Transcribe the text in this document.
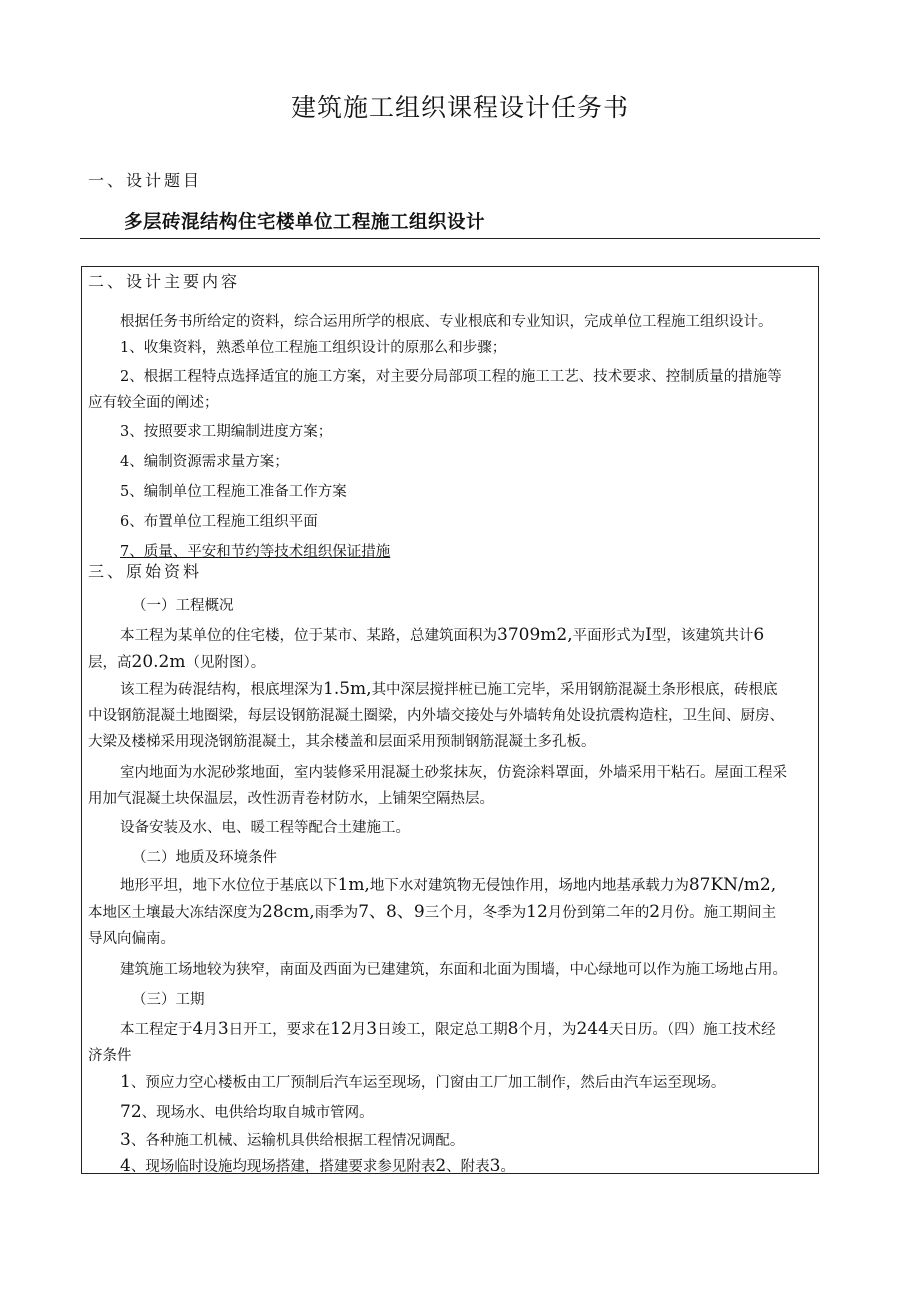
建筑施工组织课程设计任务书
一、设计题目
多层砖混结构住宅楼单位工程施工组织设计
二、设计主要内容
根据任务书所给定的资料，综合运用所学的根底、专业根底和专业知识，完成单位工程施工组织设计。
1、收集资料，熟悉单位工程施工组织设计的原那么和步骤；
2、根据工程特点选择适宜的施工方案，对主要分局部项工程的施工工艺、技术要求、控制质量的措施等应有较全面的阐述；
3、按照要求工期编制进度方案；
4、编制资源需求量方案；
5、编制单位工程施工准备工作方案
6、布置单位工程施工组织平面
7、质量、平安和节约等技术组织保证措施
三、原始资料
（一）工程概况
本工程为某单位的住宅楼，位于某市、某路，总建筑面积为3709m2,平面形式为I型，该建筑共计6层，高20.2m（见附图）。
该工程为砖混结构，根底埋深为1.5m,其中深层搅拌桩已施工完毕，采用钢筋混凝土条形根底，砖根底中设钢筋混凝土地圈梁，每层设钢筋混凝土圈梁，内外墙交接处与外墙转角处设抗震构造柱，卫生间、厨房、大梁及楼梯采用现浇钢筋混凝土，其余楼盖和层面采用预制钢筋混凝土多孔板。
室内地面为水泥砂浆地面，室内装修采用混凝土砂浆抹灰，仿瓷涂料罩面，外墙采用干粘石。屋面工程采用加气混凝土块保温层，改性沥青卷材防水，上铺架空隔热层。
设备安装及水、电、暖工程等配合土建施工。
（二）地质及环境条件
地形平坦，地下水位位于基底以下1m,地下水对建筑物无侵蚀作用，场地内地基承载力为87KN/m2,本地区土壤最大冻结深度为28cm,雨季为7、8、9三个月，冬季为12月份到第二年的2月份。施工期间主导风向偏南。
建筑施工场地较为狭窄，南面及西面为已建建筑，东面和北面为围墙，中心绿地可以作为施工场地占用。
（三）工期
本工程定于4月3日开工，要求在12月3日竣工，限定总工期8个月，为244天日历。（四）施工技术经济条件
1、预应力空心楼板由工厂预制后汽车运至现场，门窗由工厂加工制作，然后由汽车运至现场。
72、现场水、电供给均取自城市管网。
3、各种施工机械、运输机具供给根据工程情况调配。
4、现场临时设施均现场搭建，搭建要求参见附表2、附表3。
